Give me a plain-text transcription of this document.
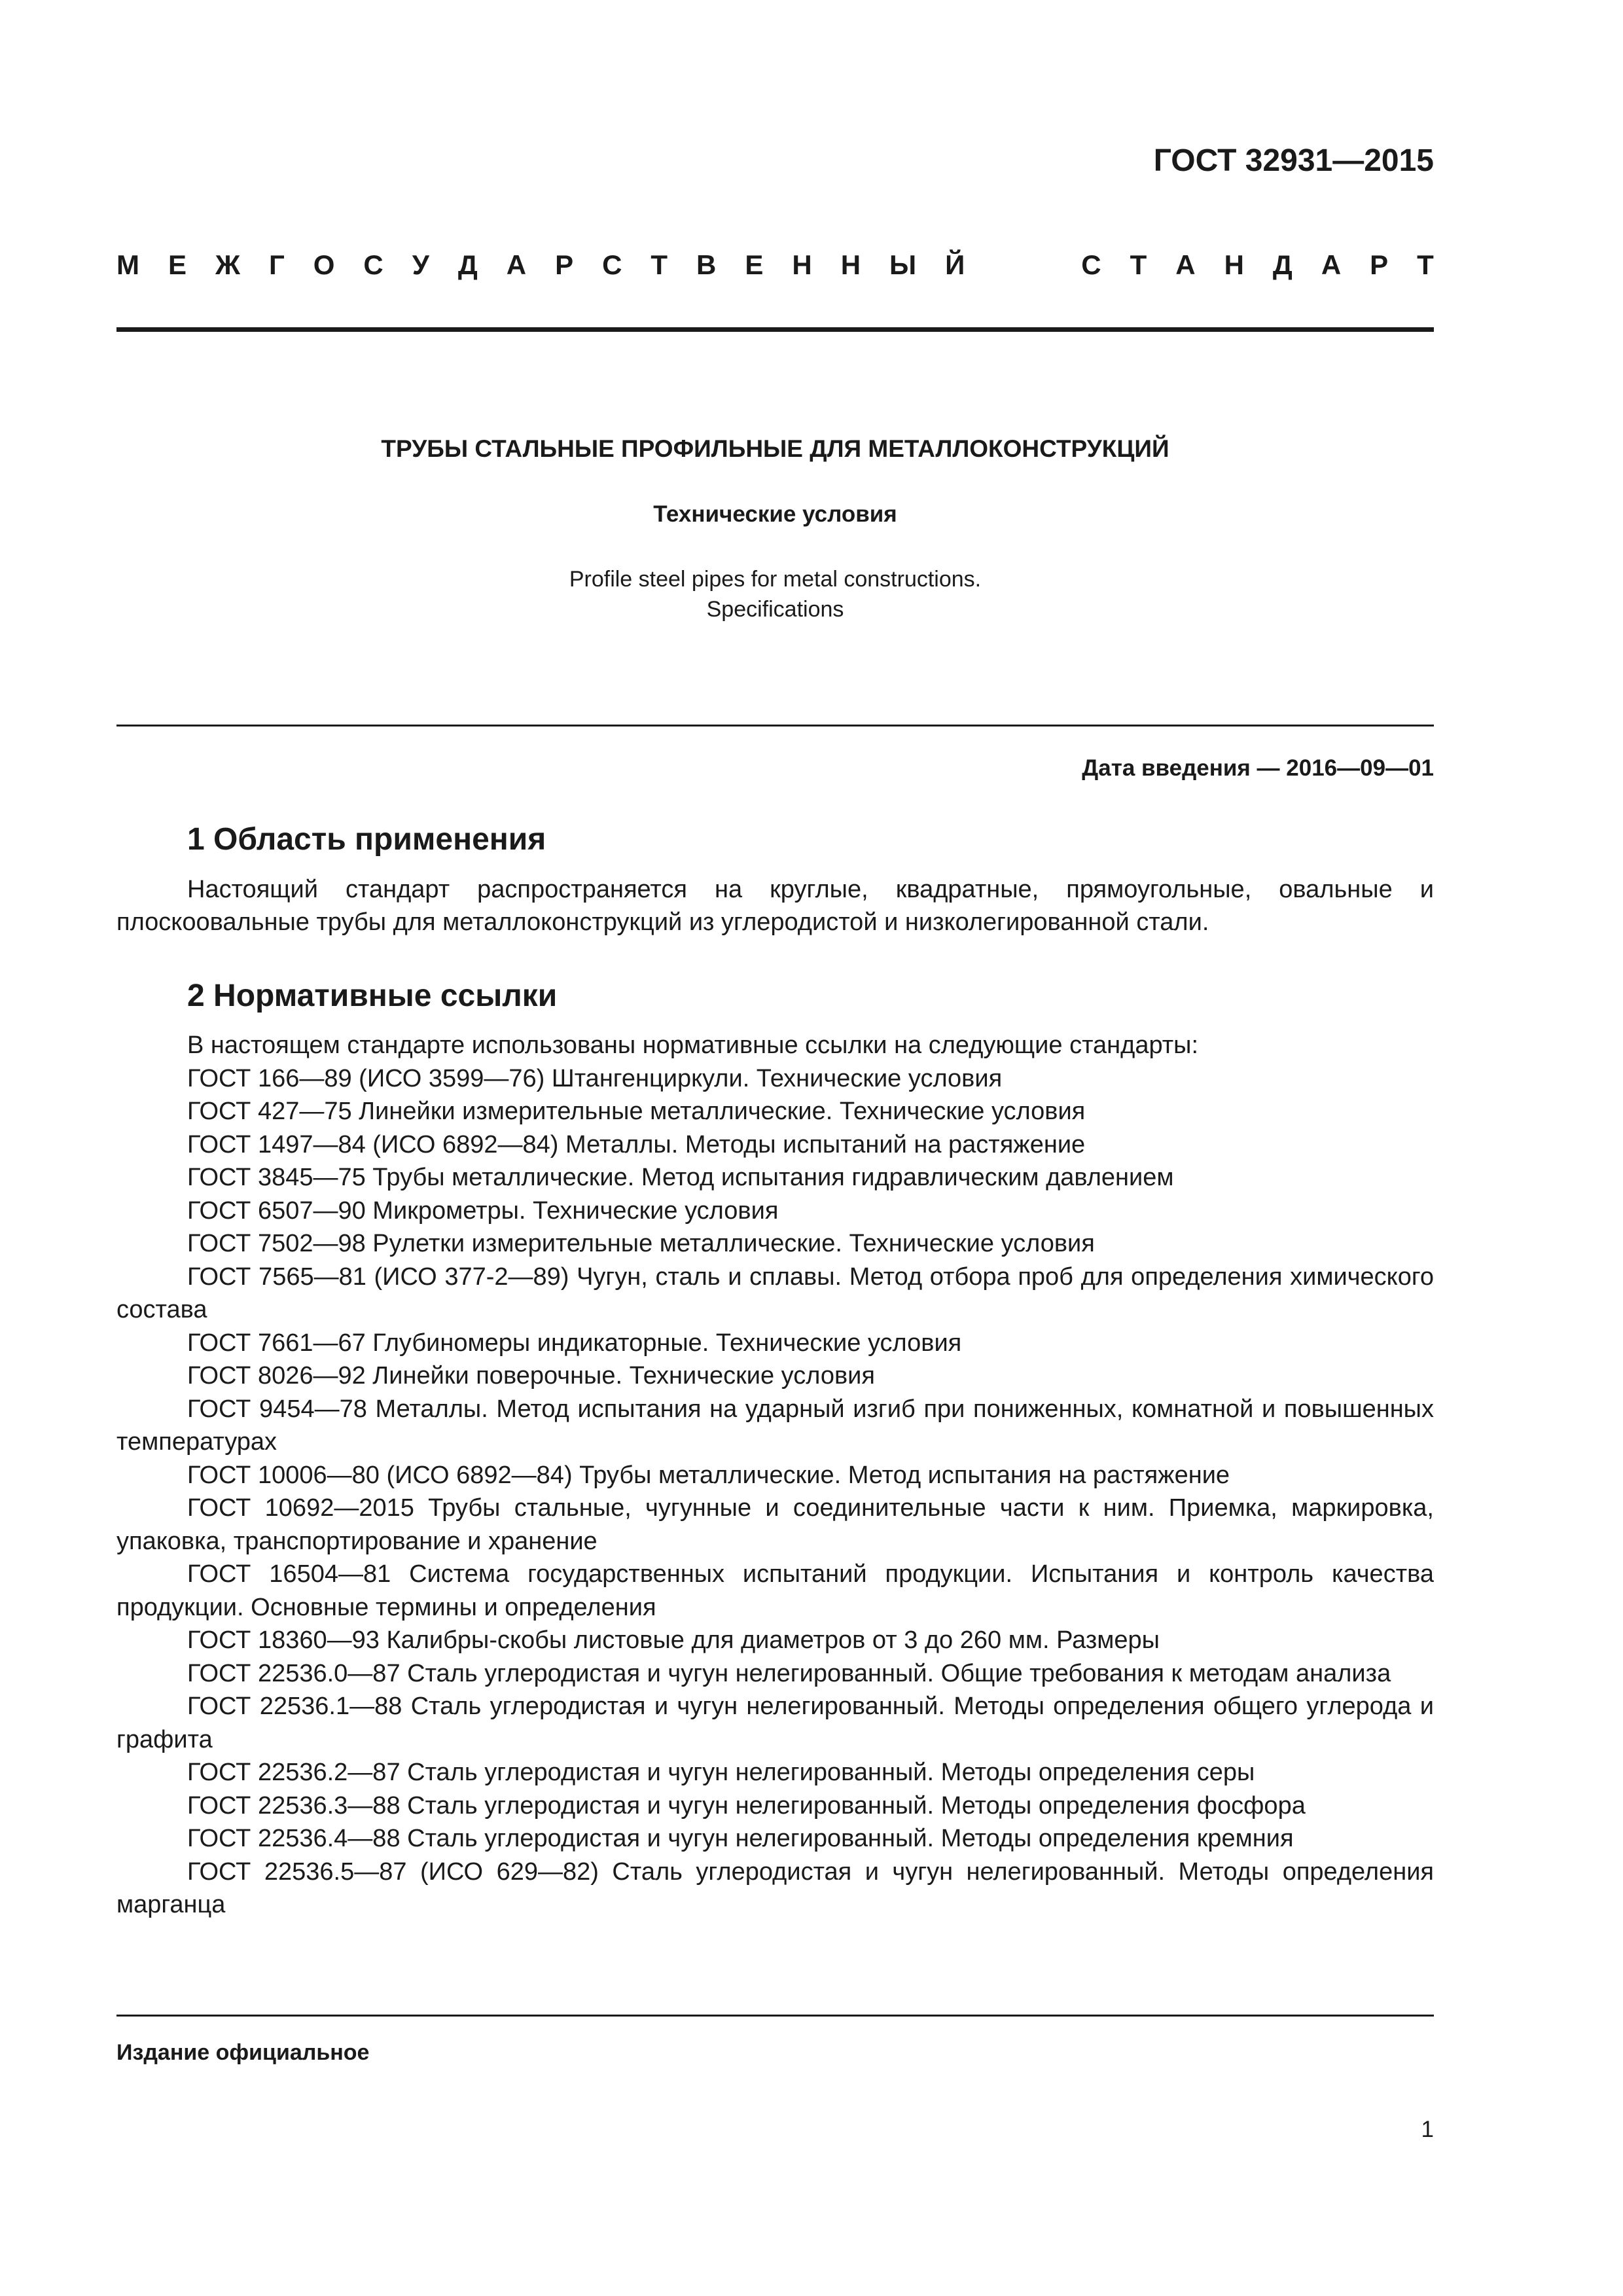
ГОСТ 32931—2015
М Е Ж Г О С У Д А Р С Т В Е Н Н Ы Й	С Т А Н Д А Р Т
ТРУБЫ СТАЛЬНЫЕ ПРОФИЛЬНЫЕ ДЛЯ МЕТАЛЛОКОНСТРУКЦИЙ
Технические условия
Profile steel pipes for metal constructions.
Specifications
Дата введения — 2016—09—01
1 Область применения

Настоящий стандарт распространяется на круглые, квадратные, прямоугольные, овальные и плоскоовальные трубы для металлоконструкций из углеродистой и низколегированной стали.

2 Нормативные ссылки

В настоящем стандарте использованы нормативные ссылки на следующие стандарты:

ГОСТ 166—89 (ИСО 3599—76) Штангенциркули. Технические условия

ГОСТ 427—75 Линейки измерительные металлические. Технические условия

ГОСТ 1497—84 (ИСО 6892—84) Металлы. Методы испытаний на растяжение

ГОСТ 3845—75 Трубы металлические. Метод испытания гидравлическим давлением

ГОСТ 6507—90 Микрометры. Технические условия

ГОСТ 7502—98 Рулетки измерительные металлические. Технические условия

ГОСТ 7565—81 (ИСО 377-2—89) Чугун, сталь и сплавы. Метод отбора проб для определения химического состава

ГОСТ 7661—67 Глубиномеры индикаторные. Технические условия

ГОСТ 8026—92 Линейки поверочные. Технические условия

ГОСТ 9454—78 Металлы. Метод испытания на ударный изгиб при пониженных, комнатной и повышенных температурах

ГОСТ 10006—80 (ИСО 6892—84) Трубы металлические. Метод испытания на растяжение

ГОСТ 10692—2015 Трубы стальные, чугунные и соединительные части к ним. Приемка, маркировка, упаковка, транспортирование и хранение

ГОСТ 16504—81 Система государственных испытаний продукции. Испытания и контроль качества продукции. Основные термины и определения

ГОСТ 18360—93 Калибры-скобы листовые для диаметров от 3 до 260 мм. Размеры

ГОСТ 22536.0—87 Сталь углеродистая и чугун нелегированный. Общие требования к методам анализа

ГОСТ 22536.1—88 Сталь углеродистая и чугун нелегированный. Методы определения общего углерода и графита

ГОСТ 22536.2—87 Сталь углеродистая и чугун нелегированный. Методы определения серы

ГОСТ 22536.3—88 Сталь углеродистая и чугун нелегированный. Методы определения фосфора

ГОСТ 22536.4—88 Сталь углеродистая и чугун нелегированный. Методы определения кремния

ГОСТ 22536.5—87 (ИСО 629—82) Сталь углеродистая и чугун нелегированный. Методы определения марганца

Издание официальное
1
